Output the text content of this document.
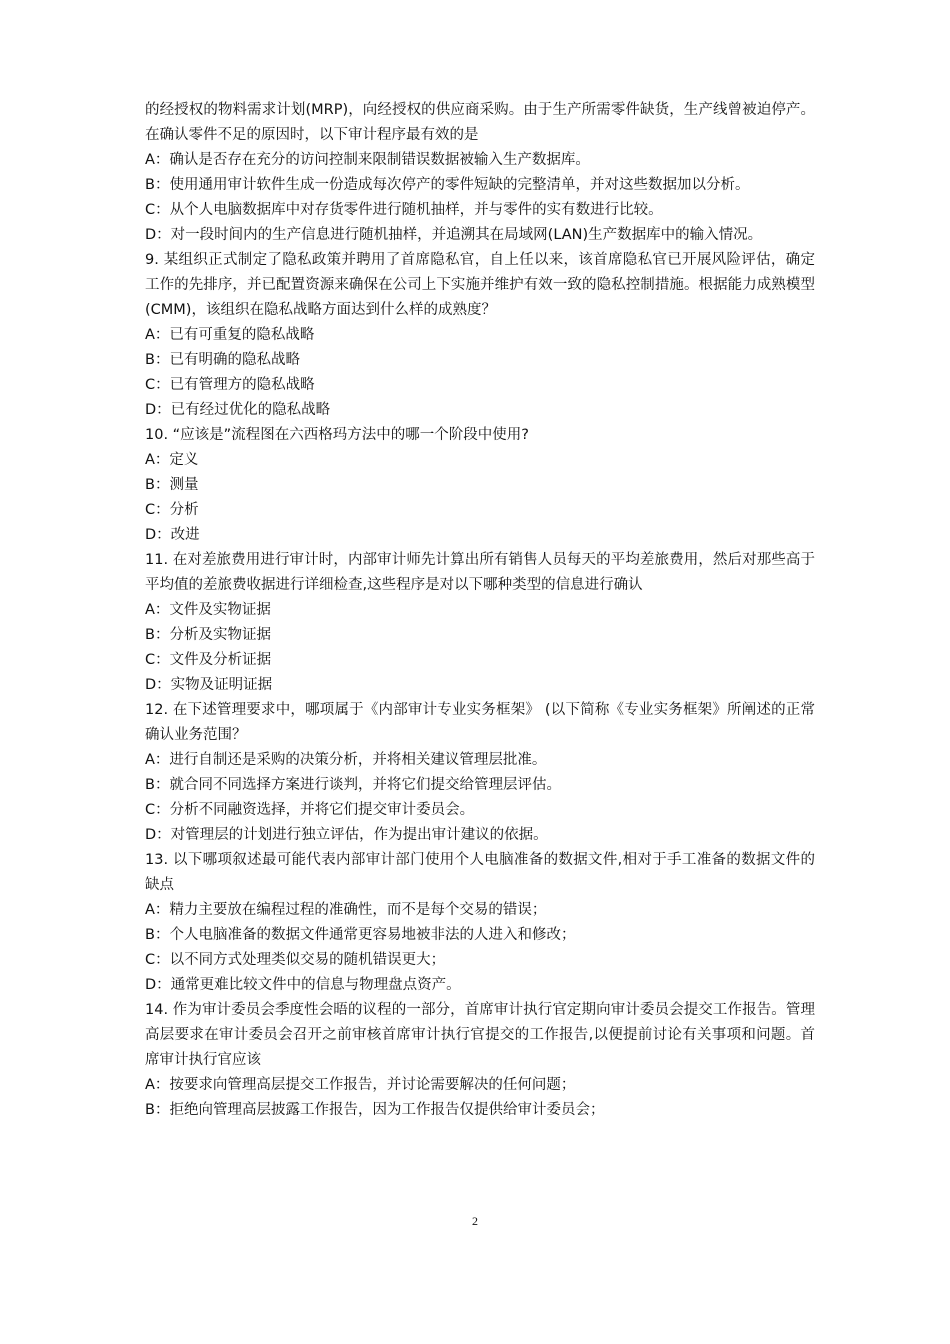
的经授权的物料需求计划(MRP)，向经授权的供应商采购。由于生产所需零件缺货，生产线曾被迫停产。在确认零件不足的原因时，以下审计程序最有效的是

A：确认是否存在充分的访问控制来限制错误数据被输入生产数据库。

B：使用通用审计软件生成一份造成每次停产的零件短缺的完整清单，并对这些数据加以分析。

C：从个人电脑数据库中对存货零件进行随机抽样，并与零件的实有数进行比较。

D：对一段时间内的生产信息进行随机抽样，并追溯其在局域网(LAN)生产数据库中的输入情况。

9. 某组织正式制定了隐私政策并聘用了首席隐私官，自上任以来，该首席隐私官已开展风险评估，确定工作的先排序，并已配置资源来确保在公司上下实施并维护有效一致的隐私控制措施。根据能力成熟模型(CMM)，该组织在隐私战略方面达到什么样的成熟度？

A：已有可重复的隐私战略

B：已有明确的隐私战略

C：已有管理方的隐私战略

D：已有经过优化的隐私战略

10. “应该是”流程图在六西格玛方法中的哪一个阶段中使用?

A：定义

B：测量

C：分析

D：改进

11. 在对差旅费用进行审计时，内部审计师先计算出所有销售人员每天的平均差旅费用，然后对那些高于平均值的差旅费收据进行详细检查,这些程序是对以下哪种类型的信息进行确认

A：文件及实物证据

B：分析及实物证据

C：文件及分析证据

D：实物及证明证据

12. 在下述管理要求中，哪项属于《内部审计专业实务框架》 (以下简称《专业实务框架》所阐述的正常确认业务范围？

A：进行自制还是采购的决策分析，并将相关建议管理层批准。

B：就合同不同选择方案进行谈判，并将它们提交给管理层评估。

C：分析不同融资选择，并将它们提交审计委员会。

D：对管理层的计划进行独立评估，作为提出审计建议的依据。

13. 以下哪项叙述最可能代表内部审计部门使用个人电脑准备的数据文件,相对于手工准备的数据文件的缺点

A：精力主要放在编程过程的准确性，而不是每个交易的错误；

B：个人电脑准备的数据文件通常更容易地被非法的人进入和修改；

C：以不同方式处理类似交易的随机错误更大；

D：通常更难比较文件中的信息与物理盘点资产。

14. 作为审计委员会季度性会晤的议程的一部分，首席审计执行官定期向审计委员会提交工作报告。管理高层要求在审计委员会召开之前审核首席审计执行官提交的工作报告,以便提前讨论有关事项和问题。首席审计执行官应该

A：按要求向管理高层提交工作报告，并讨论需要解决的任何问题；

B：拒绝向管理高层披露工作报告，因为工作报告仅提供给审计委员会；

2
